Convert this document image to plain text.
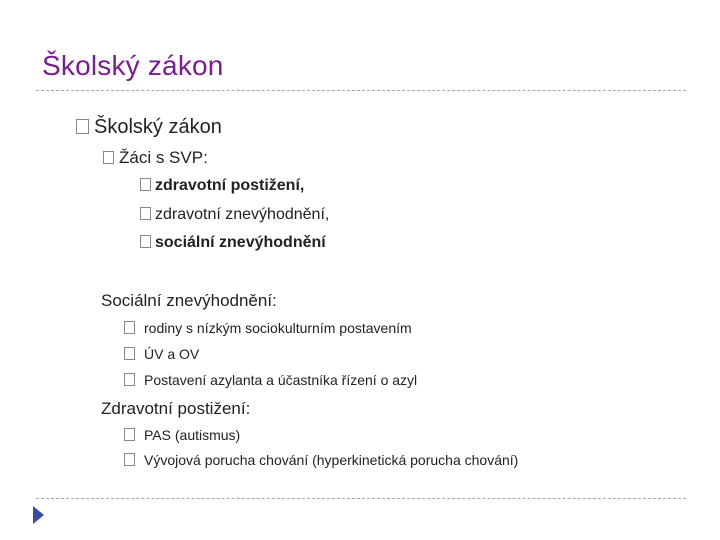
Školský zákon
Školský zákon
Žáci s SVP:
zdravotní postižení,
zdravotní znevýhodnění,
sociální znevýhodnění
Sociální znevýhodnění:
rodiny s nízkým sociokulturním postavením
ÚV a OV
Postavení azylanta a účastníka řízení o azyl
Zdravotní postižení:
PAS (autismus)
Vývojová porucha chování (hyperkinetická porucha chování)
